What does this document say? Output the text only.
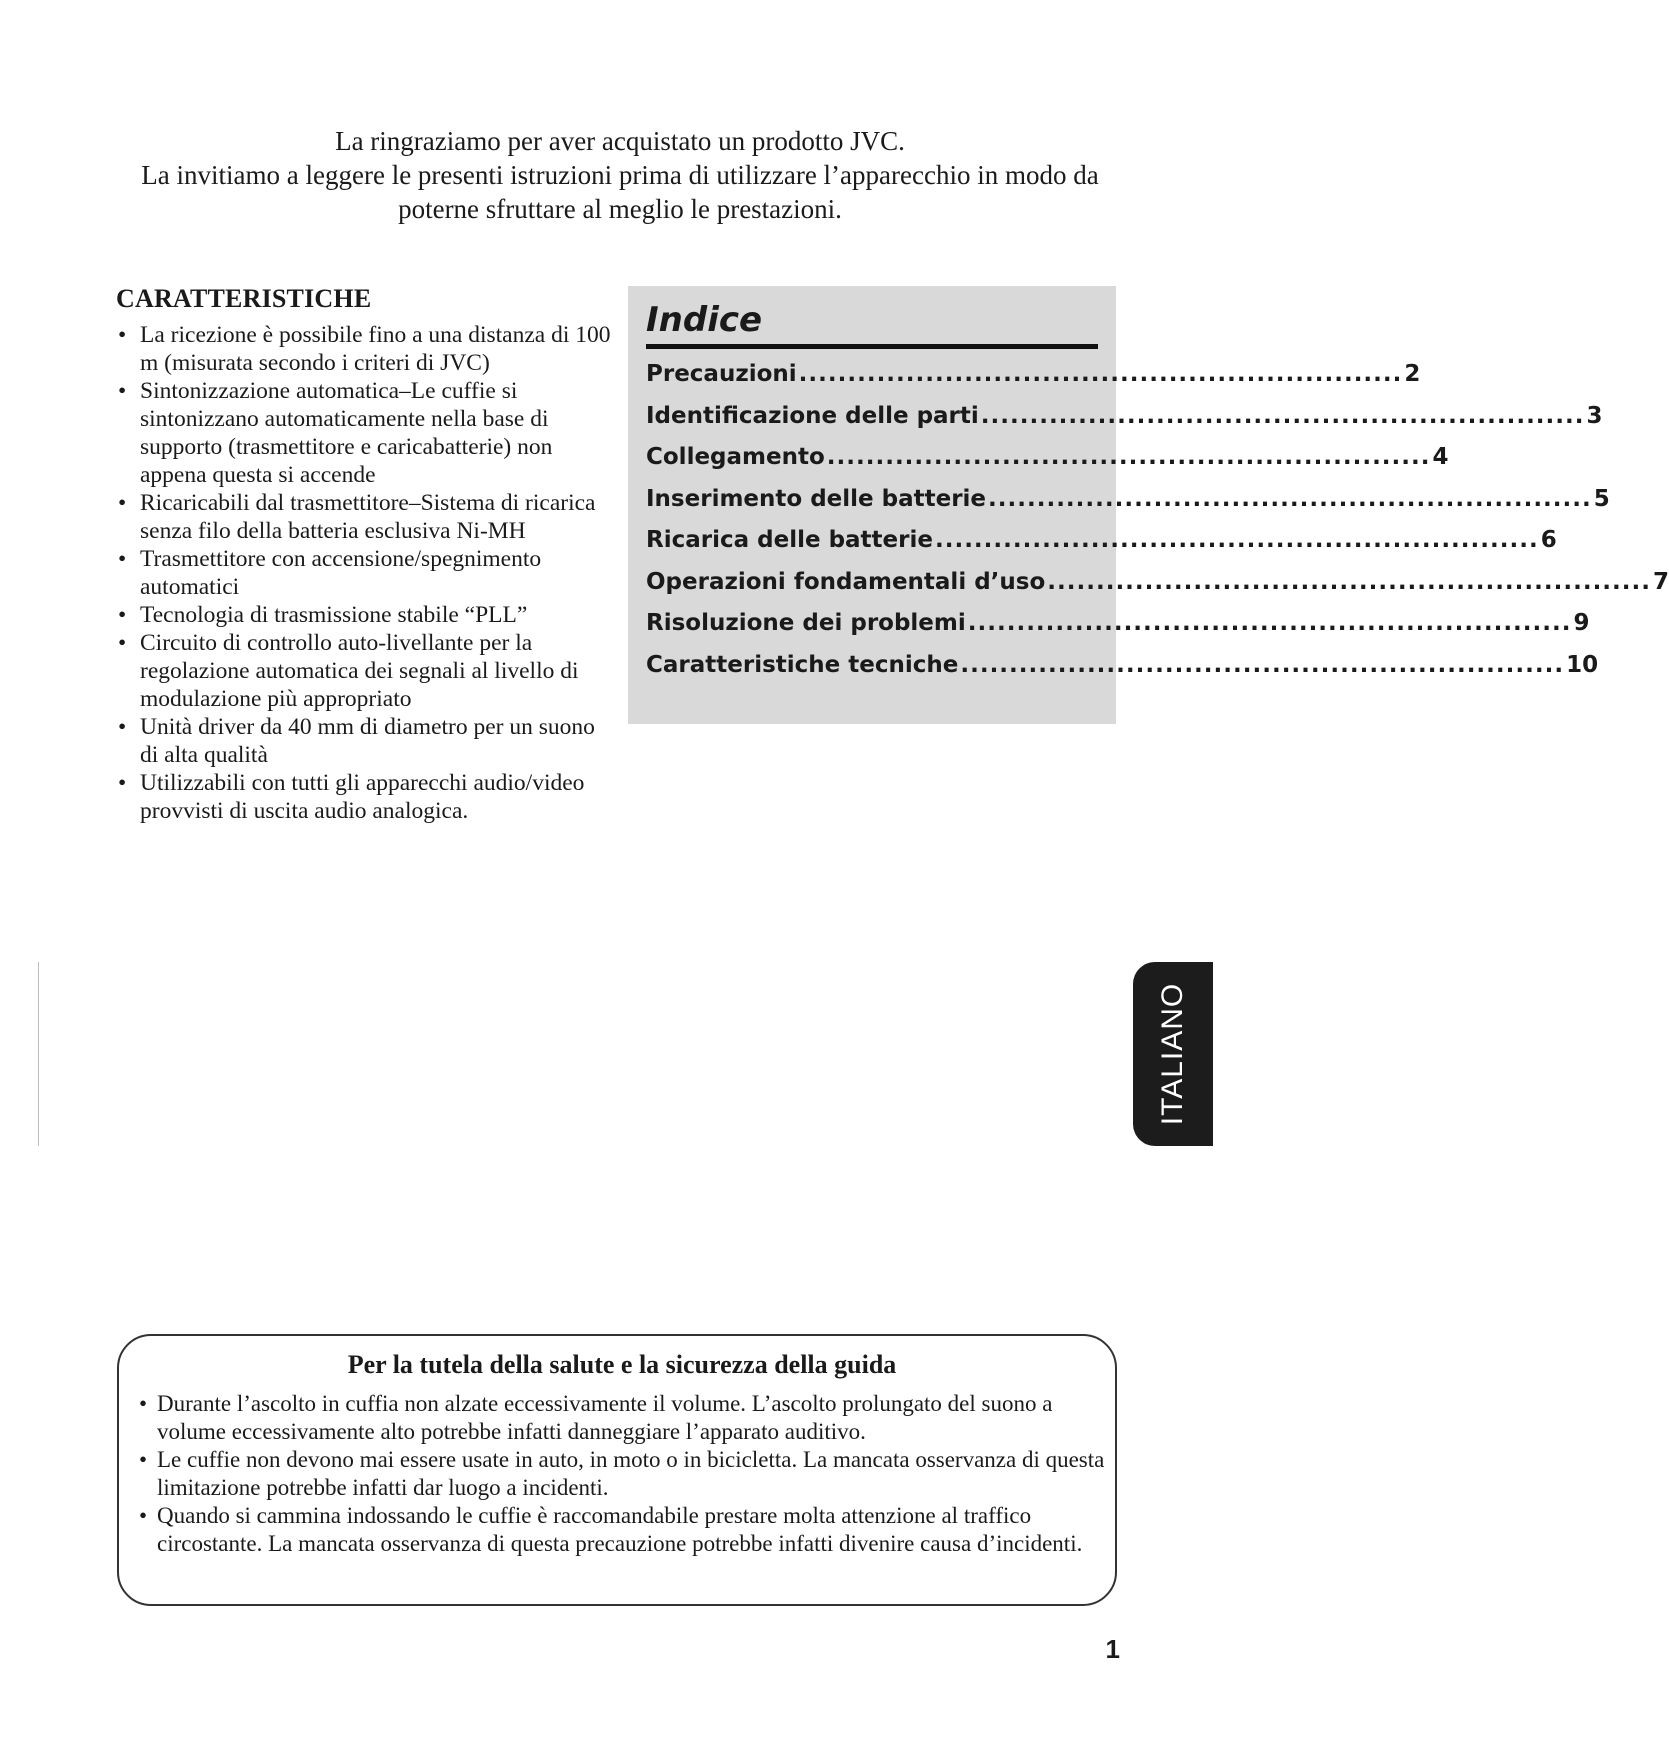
La ringraziamo per aver acquistato un prodotto JVC.
La invitiamo a leggere le presenti istruzioni prima di utilizzare l’apparecchio in modo da
poterne sfruttare al meglio le prestazioni.
CARATTERISTICHE
• La ricezione è possibile fino a una distanza di 100 m (misurata secondo i criteri di JVC)
• Sintonizzazione automatica–Le cuffie si sintonizzano automaticamente nella base di supporto (trasmettitore e caricabatterie) non appena questa si accende
• Ricaricabili dal trasmettitore–Sistema di ricarica senza filo della batteria esclusiva Ni-MH
• Trasmettitore con accensione/spegnimento automatici
• Tecnologia di trasmissione stabile “PLL”
• Circuito di controllo auto-livellante per la regolazione automatica dei segnali al livello di modulazione più appropriato
• Unità driver da 40 mm di diametro per un suono di alta qualità
• Utilizzabili con tutti gli apparecchi audio/video provvisti di uscita audio analogica.
Indice
Precauzioni .............................................................. 2
Identificazione delle parti .............................................................. 3
Collegamento .............................................................. 4
Inserimento delle batterie .............................................................. 5
Ricarica delle batterie .............................................................. 6
Operazioni fondamentali d’uso .............................................................. 7
Risoluzione dei problemi .............................................................. 9
Caratteristiche tecniche .............................................................. 10
ITALIANO
Per la tutela della salute e la sicurezza della guida
• Durante l’ascolto in cuffia non alzate eccessivamente il volume. L’ascolto prolungato del suono a volume eccessivamente alto potrebbe infatti danneggiare l’apparato auditivo.
• Le cuffie non devono mai essere usate in auto, in moto o in bicicletta. La mancata osservanza di questa limitazione potrebbe infatti dar luogo a incidenti.
• Quando si cammina indossando le cuffie è raccomandabile prestare molta attenzione al traffico circostante. La mancata osservanza di questa precauzione potrebbe infatti divenire causa d’incidenti.
1
